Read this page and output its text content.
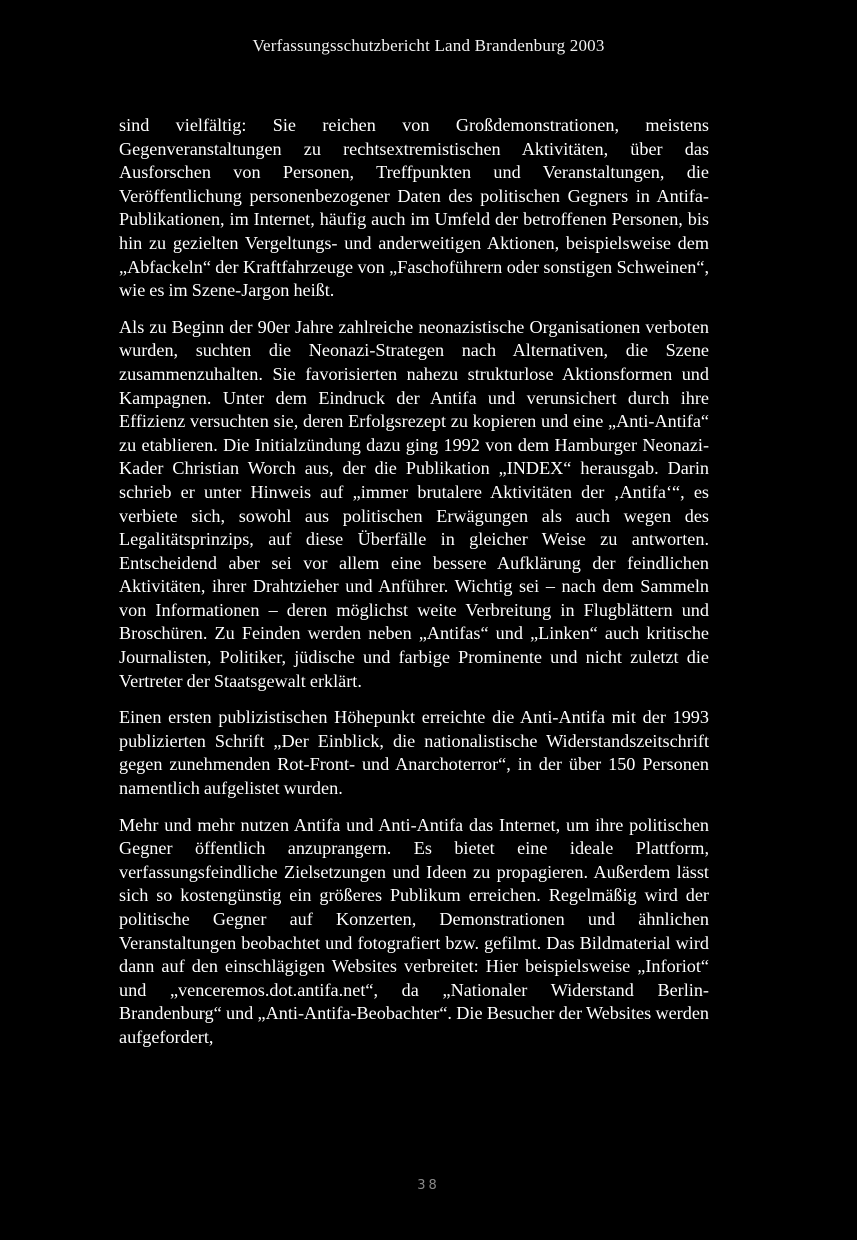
Verfassungsschutzbericht Land Brandenburg 2003

sind vielfältig: Sie reichen von Großdemonstrationen, meistens Gegenveranstaltungen zu rechtsextremistischen Aktivitäten, über das Ausforschen von Personen, Treffpunkten und Veranstaltungen, die Veröffentlichung personenbezogener Daten des politischen Gegners in Antifa-Publikationen, im Internet, häufig auch im Umfeld der betroffenen Personen, bis hin zu gezielten Vergeltungs- und anderweitigen Aktionen, beispielsweise dem „Abfackeln“ der Kraftfahrzeuge von „Faschoführern oder sonstigen Schweinen“, wie es im Szene-Jargon heißt.

Als zu Beginn der 90er Jahre zahlreiche neonazistische Organisationen verboten wurden, suchten die Neonazi-Strategen nach Alternativen, die Szene zusammenzuhalten. Sie favorisierten nahezu strukturlose Aktionsformen und Kampagnen. Unter dem Eindruck der Antifa und verunsichert durch ihre Effizienz versuchten sie, deren Erfolgsrezept zu kopieren und eine „Anti-Antifa“ zu etablieren. Die Initialzündung dazu ging 1992 von dem Hamburger Neonazi-Kader Christian Worch aus, der die Publikation „INDEX“ herausgab. Darin schrieb er unter Hinweis auf „immer brutalere Aktivitäten der ‚Antifa‘“, es verbiete sich, sowohl aus politischen Erwägungen als auch wegen des Legalitätsprinzips, auf diese Überfälle in gleicher Weise zu antworten. Entscheidend aber sei vor allem eine bessere Aufklärung der feindlichen Aktivitäten, ihrer Drahtzieher und Anführer. Wichtig sei – nach dem Sammeln von Informationen – deren möglichst weite Verbreitung in Flugblättern und Broschüren. Zu Feinden werden neben „Antifas“ und „Linken“ auch kritische Journalisten, Politiker, jüdische und farbige Prominente und nicht zuletzt die Vertreter der Staatsgewalt erklärt.

Einen ersten publizistischen Höhepunkt erreichte die Anti-Antifa mit der 1993 publizierten Schrift „Der Einblick, die nationalistische Widerstandszeitschrift gegen zunehmenden Rot-Front- und Anarchoterror“, in der über 150 Personen namentlich aufgelistet wurden.

Mehr und mehr nutzen Antifa und Anti-Antifa das Internet, um ihre politischen Gegner öffentlich anzuprangern. Es bietet eine ideale Plattform, verfassungsfeindliche Zielsetzungen und Ideen zu propagieren. Außerdem lässt sich so kostengünstig ein größeres Publikum erreichen. Regelmäßig wird der politische Gegner auf Konzerten, Demonstrationen und ähnlichen Veranstaltungen beobachtet und fotografiert bzw. gefilmt. Das Bildmaterial wird dann auf den einschlägigen Websites verbreitet: Hier beispielsweise „Inforiot“ und „venceremos.dot.antifa.net“, da „Nationaler Widerstand Berlin-Brandenburg“ und „Anti-Antifa-Beobachter“. Die Besucher der Websites werden aufgefordert,

38
